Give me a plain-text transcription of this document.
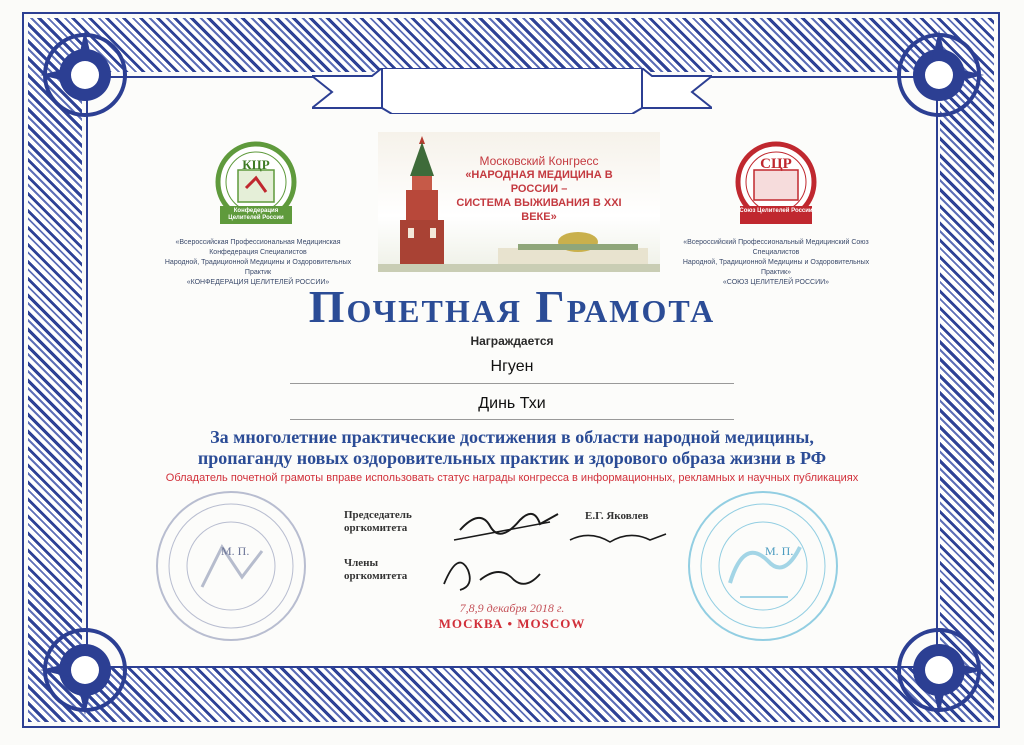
КЦР
Конфедерация Целителей России
«Всероссийская Профессиональная Медицинская Конфедерация Специалистов
Народной, Традиционной Медицины и Оздоровительных Практик
«КОНФЕДЕРАЦИЯ ЦЕЛИТЕЛЕЙ РОССИИ»
Московский Конгресс
«НАРОДНАЯ МЕДИЦИНА В РОССИИ –
СИСТЕМА ВЫЖИВАНИЯ В XXI ВЕКЕ»
СЦР
Союз Целителей России
«Всероссийский Профессиональный Медицинский Союз Специалистов
Народной, Традиционной Медицины и Оздоровительных Практик»
«СОЮЗ ЦЕЛИТЕЛЕЙ РОССИИ»
Почетная Грамота
Награждается
Нгуен
Динь Тхи
За многолетние практические достижения в области народной медицины,
пропаганду новых оздоровительных практик и здорового образа жизни в РФ
Обладатель почетной грамоты вправе использовать статус награды конгресса в информационных, рекламных и научных публикациях
М. П.	М. П.
Председатель
оргкомитета
Е.Г. Яковлев
Члены
оргкомитета
7,8,9 декабря 2018 г.
МОСКВА • MOSCOW
